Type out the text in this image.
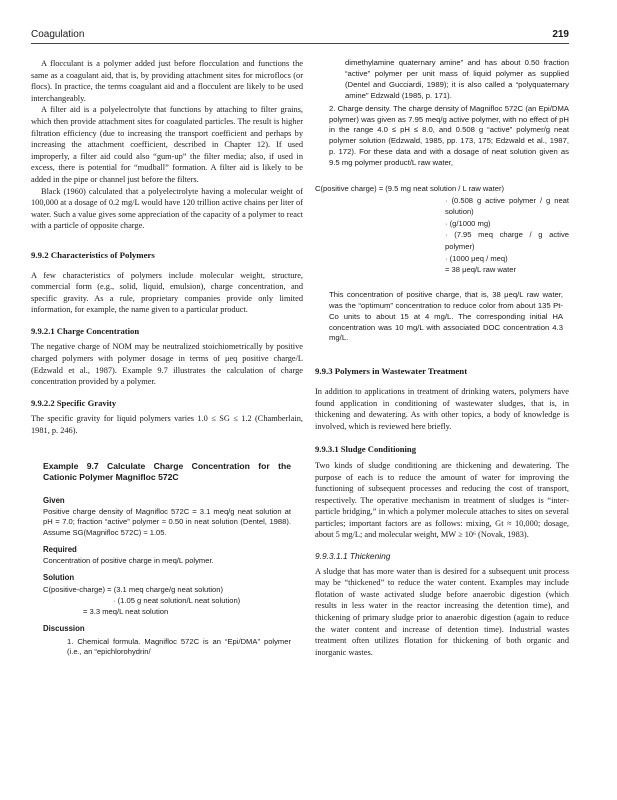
Coagulation	219

A flocculant is a polymer added just before flocculation and functions the same as a coagulant aid, that is, by providing attachment sites for microflocs (or flocs). In practice, the terms coagulant aid and a flocculent are likely to be used interchangeably.

A filter aid is a polyelectrolyte that functions by attaching to filter grains, which then provide attachment sites for coagulated particles. The result is higher filtration efficiency (due to increasing the transport coefficient and perhaps by increasing the attachment coefficient, described in Chapter 12). If used improperly, a filter aid could also “gum-up” the filter media; also, if used in excess, there is potential for “mudball” formation. A filter aid is likely to be added in the pipe or channel just before the filters.

Black (1960) calculated that a polyelectrolyte having a molecular weight of 100,000 at a dosage of 0.2 mg/L would have 120 trillion active chains per liter of water. Such a value gives some appreciation of the capacity of a polymer to react with a particle of opposite charge.

9.9.2 Characteristics of Polymers

A few characteristics of polymers include molecular weight, structure, commercial form (e.g., solid, liquid, emulsion), charge concentration, and specific gravity. As a rule, proprietary companies provide only limited information, for example, the name given to a particular product.

9.9.2.1 Charge Concentration

The negative charge of NOM may be neutralized stoichiometrically by positive charged polymers with polymer dosage in terms of μeq positive charge/L (Edzwald et al., 1987). Example 9.7 illustrates the calculation of charge concentration provided by a polymer.

9.9.2.2 Specific Gravity

The specific gravity for liquid polymers varies 1.0 ≤ SG ≤ 1.2 (Chamberlain, 1981, p. 246).

Example 9.7 Calculate Charge Concentration for the Cationic Polymer Magnifloc 572C
Given
Positive charge density of Magnifloc 572C = 3.1 meq/g neat solution at pH = 7.0; fraction “active” polymer ≈ 0.50 in neat solution (Dentel, 1988). Assume SG(Magnifloc 572C) ≈ 1.05.
Required
Concentration of positive charge in meq/L polymer.
Solution
C(positive-charge) = (3.1 meq charge/g neat solution)
· (1.05 g neat solution/L neat solution)
= 3.3 meq/L neat solution
Discussion
1. Chemical formula. Magnifloc 572C is an “Epi/DMA” polymer (i.e., an “epichlorohydrin/
dimethylamine quaternary amine” and has about 0.50 fraction “active” polymer per unit mass of liquid polymer as supplied (Dentel and Gucciardi, 1989); it is also called a “polyquaternary amine” Edzwald (1985, p. 171).
2. Charge density. The charge density of Magnifloc 572C (an Epi/DMA polymer) was given as 7.95 meq/g active polymer, with no effect of pH in the range 4.0 ≤ pH ≤ 8.0, and 0.508 g “active” polymer/g neat polymer solution (Edzwald, 1985, pp. 173, 175; Edzwald et al., 1987, p. 172). For these data and with a dosage of neat solution given as 9.5 mg polymer product/L raw water,
C(positive charge) = (9.5 mg neat solution / L raw water)
· (0.508 g active polymer / g neat solution)
· (g/1000 mg)
· (7.95 meq charge / g active polymer)
· (1000 μeq / meq)
= 38 μeq/L raw water
This concentration of positive charge, that is, 38 μeq/L raw water, was the “optimum” concentration to reduce color from about 135 Pt-Co units to about 15 at 4 mg/L. The corresponding initial HA concentration was 10 mg/L with associated DOC concentration 4.3 mg/L.
9.9.3 Polymers in Wastewater Treatment

In addition to applications in treatment of drinking waters, polymers have found application in conditioning of wastewater sludges, that is, in thickening and dewatering. As with other topics, a body of knowledge is involved, which is reviewed here briefly.

9.9.3.1 Sludge Conditioning

Two kinds of sludge conditioning are thickening and dewatering. The purpose of each is to reduce the amount of water for improving the functioning of subsequent processes and reducing the cost of transport, respectively. The operative mechanism in treatment of sludges is “inter-particle bridging,” in which a polymer molecule attaches to sites on several particles; important factors are as follows: mixing, Gt ≈ 10,000; dosage, about 5 mg/L; and molecular weight, MW ≥ 10⁶ (Novak, 1983).

9.9.3.1.1 Thickening

A sludge that has more water than is desired for a subsequent unit process may be “thickened” to reduce the water content. Examples may include flotation of waste activated sludge before anaerobic digestion (which results in less water in the reactor increasing the detention time), and thickening of primary sludge prior to anaerobic digestion (again to reduce the water content and increase of detention time). Industrial wastes treatment often utilizes flotation for thickening of both organic and inorganic wastes.
